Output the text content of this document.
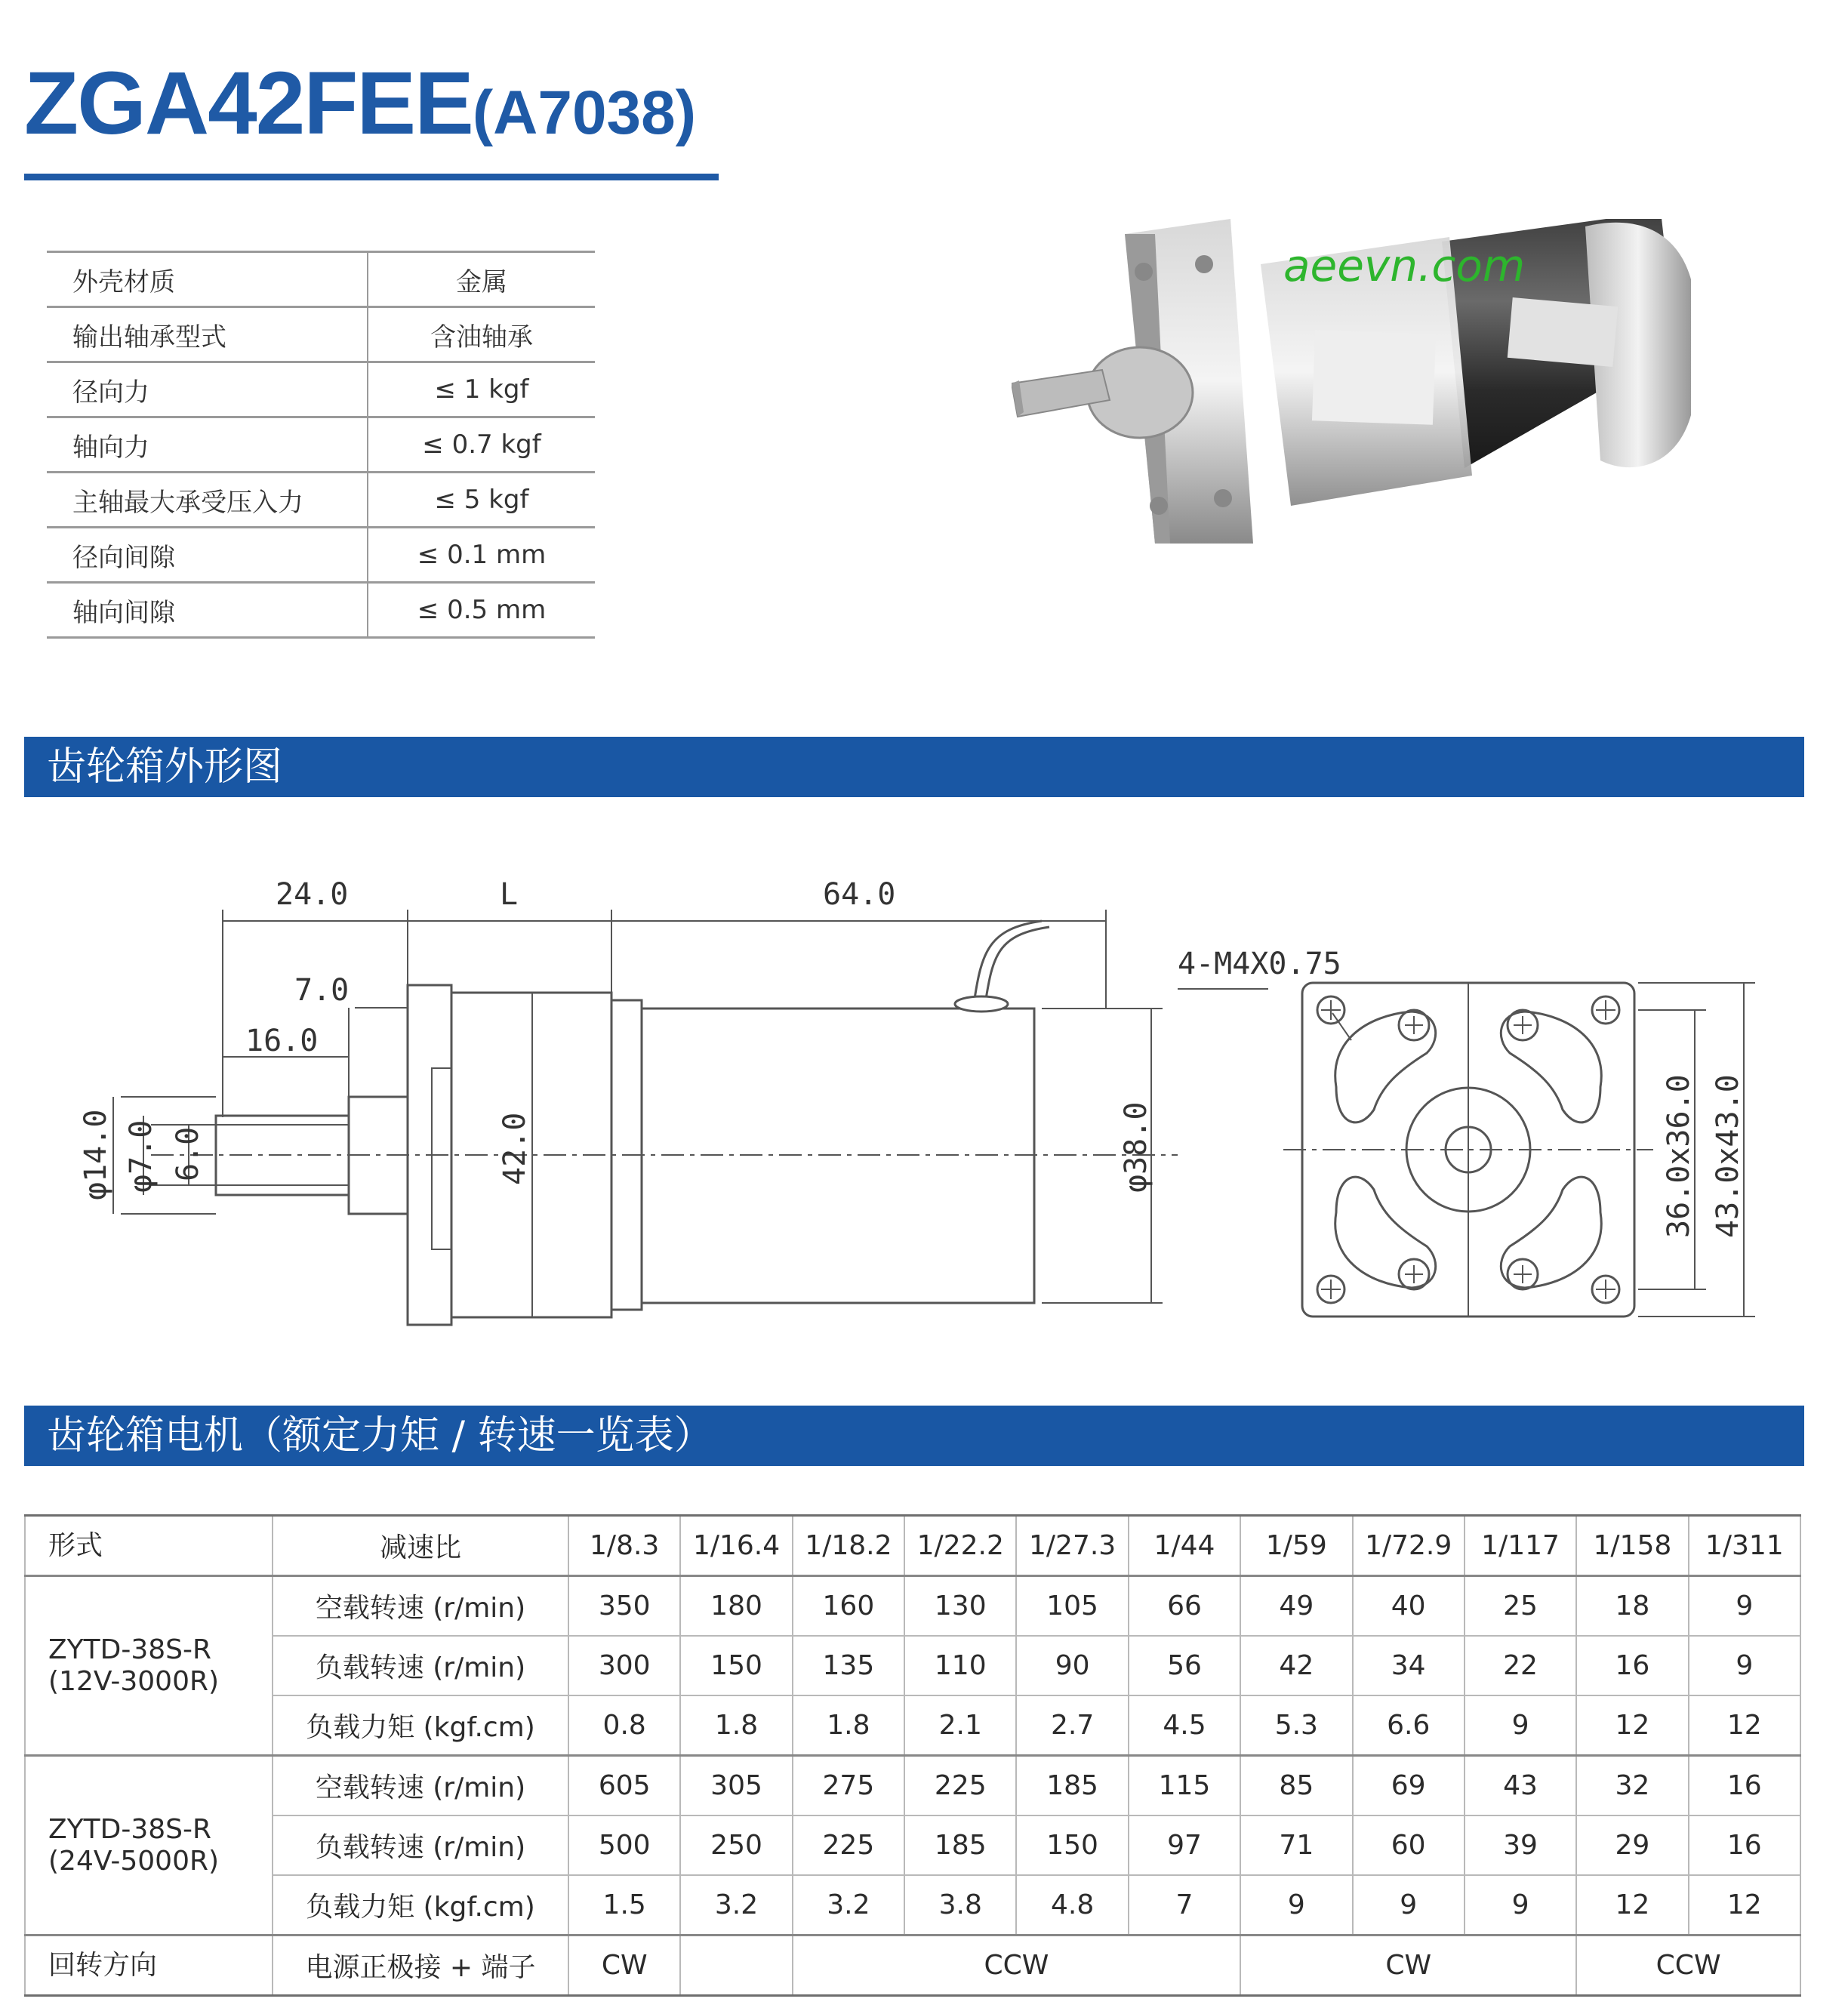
ZGA42FEE(A7038)
外壳材质	金属
输出轴承型式	含油轴承
径向力	≤ 1 kgf
轴向力	≤ 0.7 kgf
主轴最大承受压入力	≤ 5 kgf
径向间隙	≤ 0.1 mm
轴向间隙	≤ 0.5 mm
aeevn.com
齿轮箱外形图
24.0	L	64.0
7.0
16.0
φ14.0 φ7.0 6.0	42.0	φ38.0
4-M4X0.75
36.0x36.0 43.0x43.0
齿轮箱电机（额定力矩 / 转速一览表）
形式	减速比	1/8.3	1/16.4	1/18.2	1/22.2	1/27.3	1/44	1/59	1/72.9	1/117	1/158	1/311

ZYTD-38S-R
(12V-3000R)	空载转速 (r/min)	350	180	160	130	105	66	49	40	25	18	9
	负载转速 (r/min)	300	150	135	110	90	56	42	34	22	16	9
	负载力矩 (kgf.cm)	0.8	1.8	1.8	2.1	2.7	4.5	5.3	6.6	9	12	12

ZYTD-38S-R
(24V-5000R)	空载转速 (r/min)	605	305	275	225	185	115	85	69	43	32	16
	负载转速 (r/min)	500	250	225	185	150	97	71	60	39	29	16
	负载力矩 (kgf.cm)	1.5	3.2	3.2	3.8	4.8	7	9	9	9	12	12
回转方向	电源正极接 + 端子	CW		CCW				CW			CCW	
